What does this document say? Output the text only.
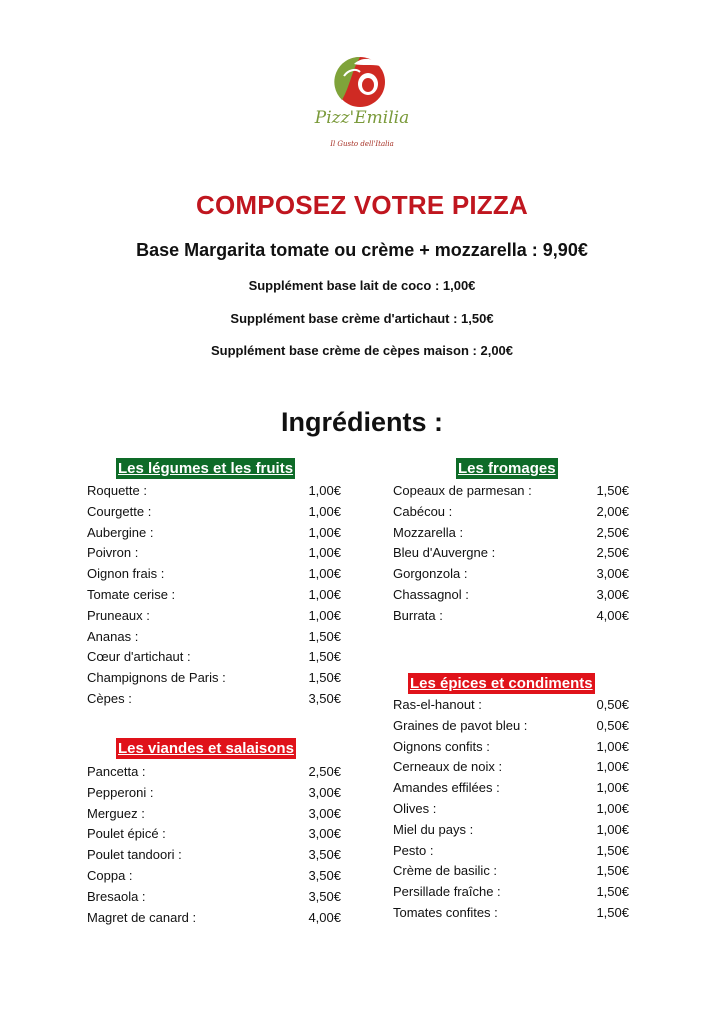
Pizz'Emilia
Il Gusto dell'Italia
COMPOSEZ VOTRE PIZZA
Base Margarita tomate ou crème + mozzarella : 9,90€
Supplément base lait de coco : 1,00€
Supplément base crème d'artichaut : 1,50€
Supplément base crème de cèpes maison : 2,00€
Ingrédients :
Les légumes et les fruits	Les fromages
Les viandes et salaisons
Les épices et condiments
Roquette :	1,00€
Courgette :	1,00€
Aubergine :	1,00€
Poivron :	1,00€
Oignon frais :	1,00€
Tomate cerise :	1,00€
Pruneaux :	1,00€
Ananas :	1,50€
Cœur d'artichaut :	1,50€
Champignons de Paris :	1,50€
Cèpes :	3,50€
Pancetta :	2,50€
Pepperoni :	3,00€
Merguez :	3,00€
Poulet épicé :	3,00€
Poulet tandoori :	3,50€
Coppa :	3,50€
Bresaola :	3,50€
Magret de canard :	4,00€
Copeaux de parmesan :	1,50€
Cabécou :	2,00€
Mozzarella :	2,50€
Bleu d'Auvergne :	2,50€
Gorgonzola :	3,00€
Chassagnol :	3,00€
Burrata :	4,00€
Ras-el-hanout :	0,50€
Graines de pavot bleu :	0,50€
Oignons confits :	1,00€
Cerneaux de noix :	1,00€
Amandes effilées :	1,00€
Olives :	1,00€
Miel du pays :	1,00€
Pesto :	1,50€
Crème de basilic :	1,50€
Persillade fraîche :	1,50€
Tomates confites :	1,50€
